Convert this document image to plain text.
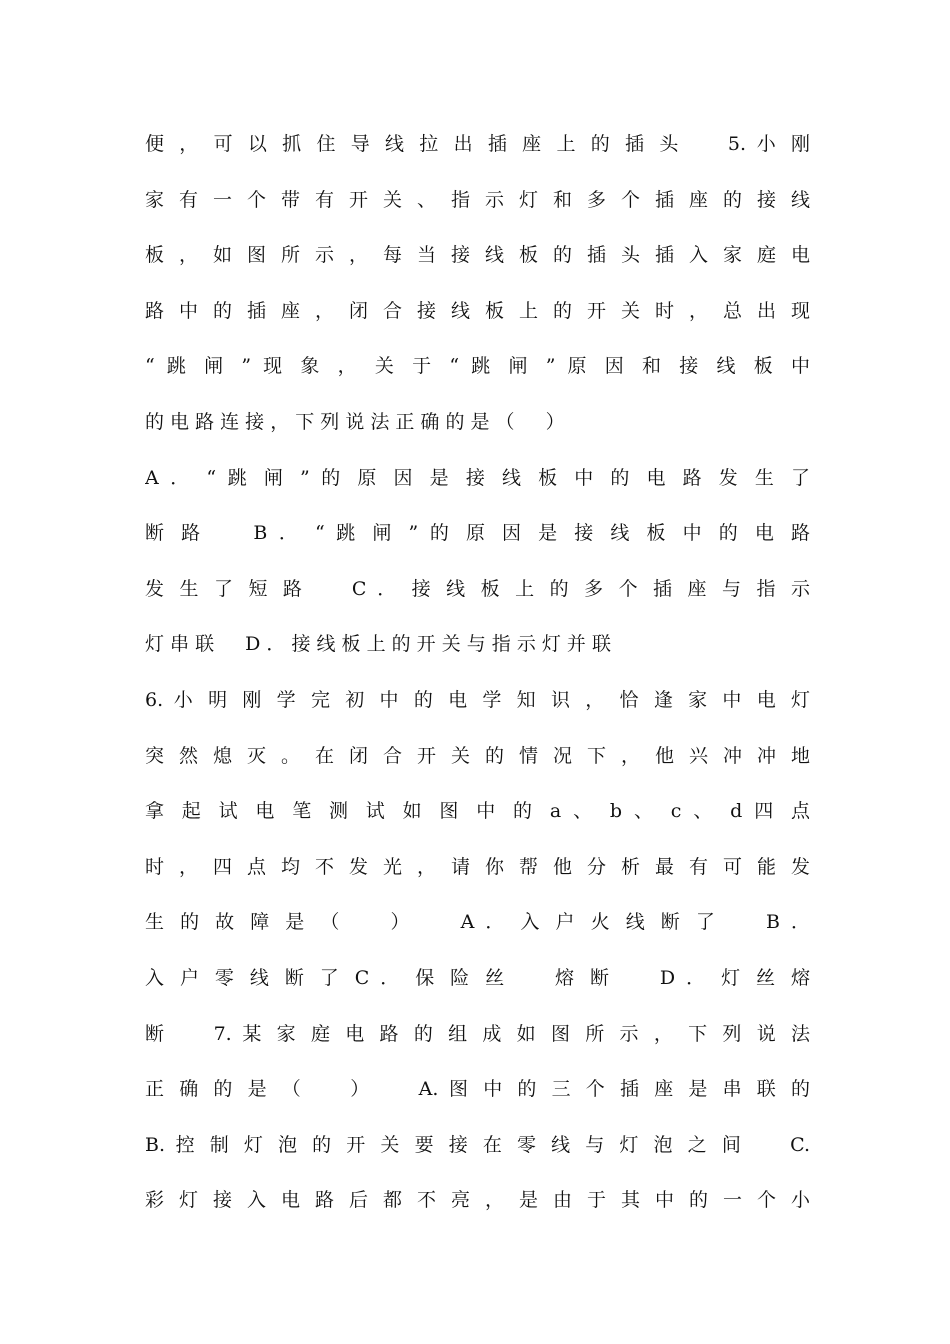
便 ， 可 以 抓 住 导 线 拉 出 插 座 上 的 插 头 　 5. 小 刚
家 有 一 个 带 有 开 关 、 指 示 灯 和 多 个 插 座 的 接 线
板 ， 如 图 所 示 ， 每 当 接 线 板 的 插 头 插 入 家 庭 电
路 中 的 插 座 ， 闭 合 接 线 板 上 的 开 关 时 ， 总 出 现
“ 跳 闸 ” 现 象 ， 关 于 “ 跳 闸 ” 原 因 和 接 线 板 中
的 电 路 连 接 ， 下 列 说 法 正 确 的 是 （ 　 ）
A ． “ 跳 闸 ” 的 原 因 是 接 线 板 中 的 电 路 发 生 了
断 路 　 B ． “ 跳 闸 ” 的 原 因 是 接 线 板 中 的 电 路
发 生 了 短 路 　 C ． 接 线 板 上 的 多 个 插 座 与 指 示
灯 串 联 　 D ． 接 线 板 上 的 开 关 与 指 示 灯 并 联
6. 小 明 刚 学 完 初 中 的 电 学 知 识 ， 恰 逢 家 中 电 灯
突 然 熄 灭 。 在 闭 合 开 关 的 情 况 下 ， 他 兴 冲 冲 地
拿 起 试 电 笔 测 试 如 图 中 的 a 、 b 、 c 、 d 四 点
时 ， 四 点 均 不 发 光 ， 请 你 帮 他 分 析 最 有 可 能 发
生 的 故 障 是 （ 　 ） 　 A ． 入 户 火 线 断 了 　 B ．
入 户 零 线 断 了 C ． 保 险 丝 　 熔 断 　 D ． 灯 丝 熔
断 　 7. 某 家 庭 电 路 的 组 成 如 图 所 示 ， 下 列 说 法
正 确 的 是 （ 　 ） 　 A. 图 中 的 三 个 插 座 是 串 联 的
B. 控 制 灯 泡 的 开 关 要 接 在 零 线 与 灯 泡 之 间 　 C.
彩 灯 接 入 电 路 后 都 不 亮 ， 是 由 于 其 中 的 一 个 小
